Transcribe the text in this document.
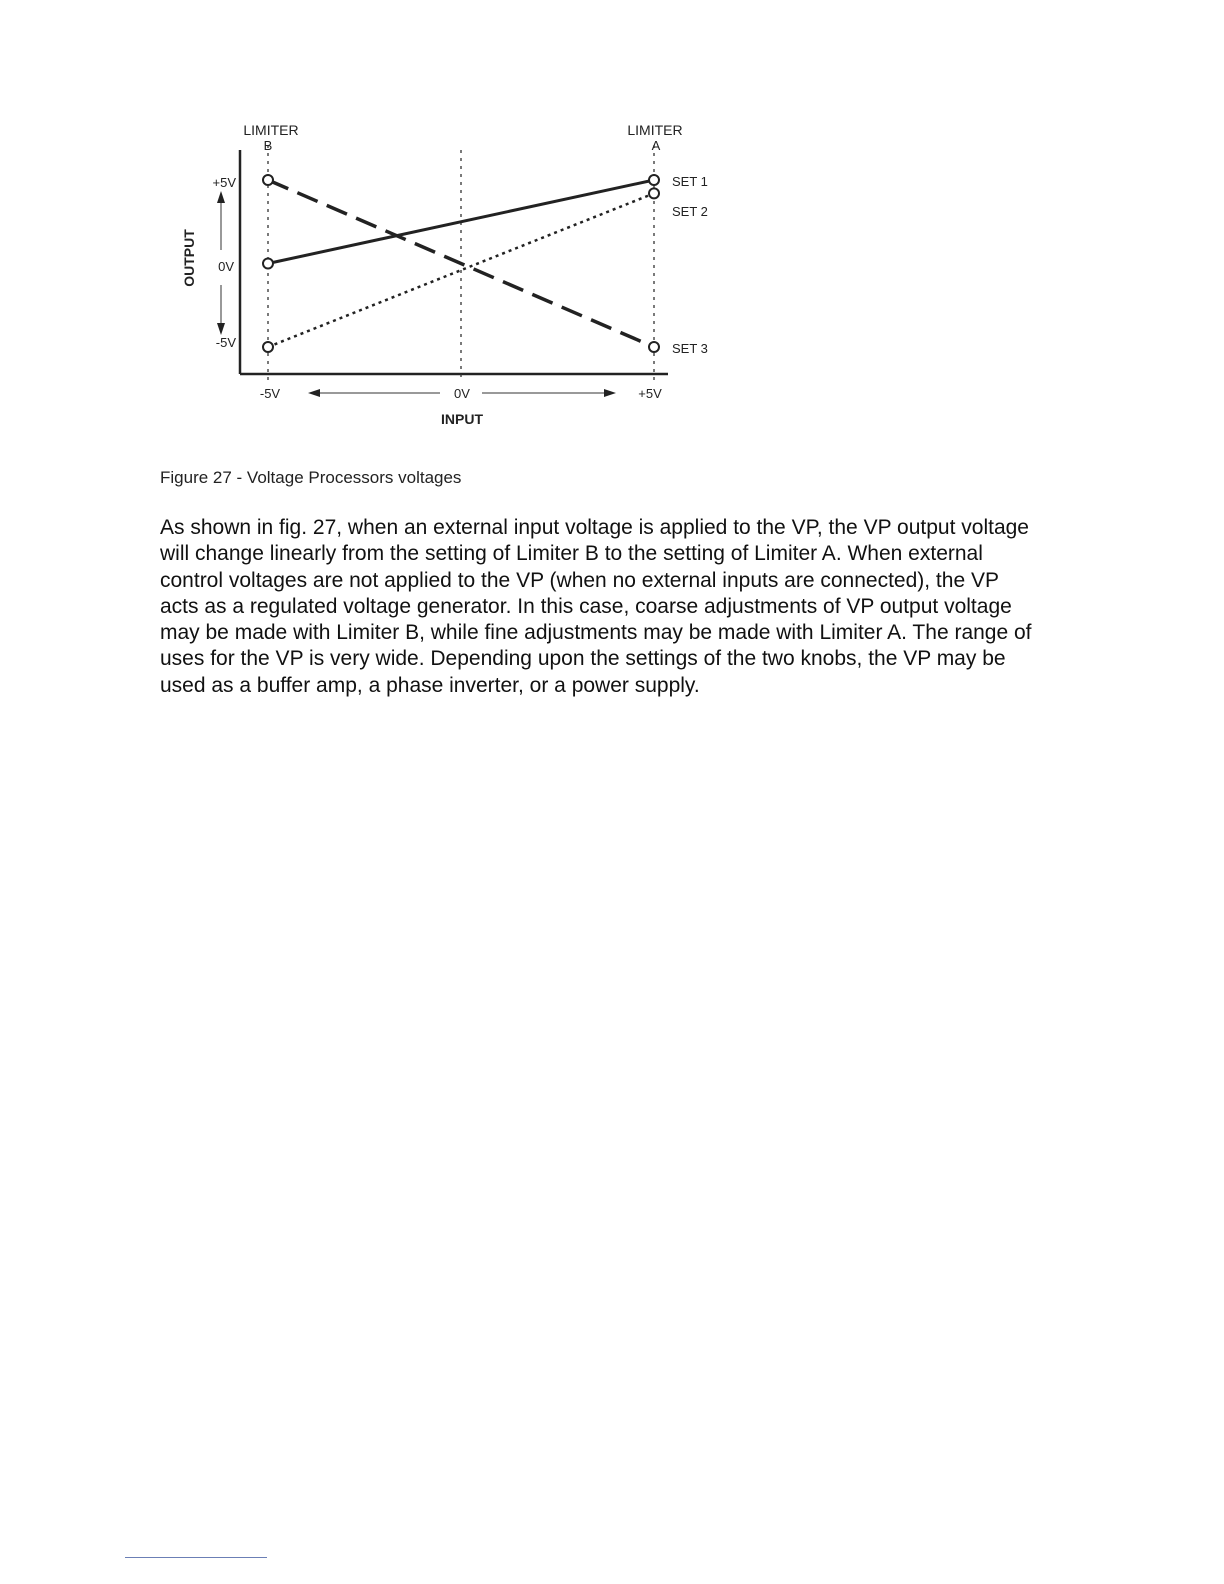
LIMITER
B
LIMITER
A
OUTPUT
+5V
0V
-5V
-5V	0V	+5V
INPUT
SET 1
SET 2
SET 3
Figure 27 - Voltage Processors voltages

As shown in fig. 27, when an external input voltage is applied to the VP, the VP output voltage will change linearly from the setting of Limiter B to the setting of Limiter A. When external control voltages are not applied to the VP (when no external inputs are connected), the VP acts as a regulated voltage generator. In this case, coarse adjustments of VP output voltage may be made with Limiter B, while fine adjustments may be made with Limiter A. The range of uses for the VP is very wide. Depending upon the settings of the two knobs, the VP may be used as a buffer amp, a phase inverter, or a power supply.
